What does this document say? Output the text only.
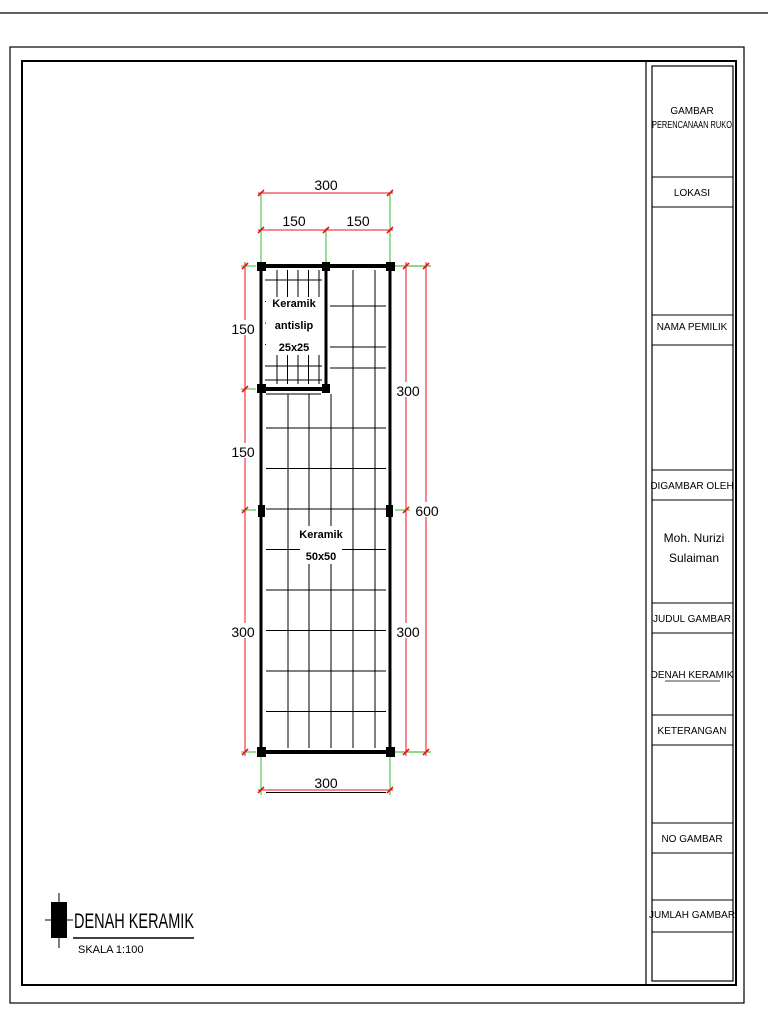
GAMBAR
PERENCANAAN RUKO
LOKASI
NAMA PEMILIK
DIGAMBAR OLEH
Moh. Nurizi
Sulaiman
JUDUL GAMBAR
DENAH KERAMIK
KETERANGAN
NO GAMBAR
JUMLAH GAMBAR
Keramik
antislip
25x25
Keramik
50x50
300
150	150
150
150
300
300
300
600
300
DENAH KERAMIK
SKALA 1:100
